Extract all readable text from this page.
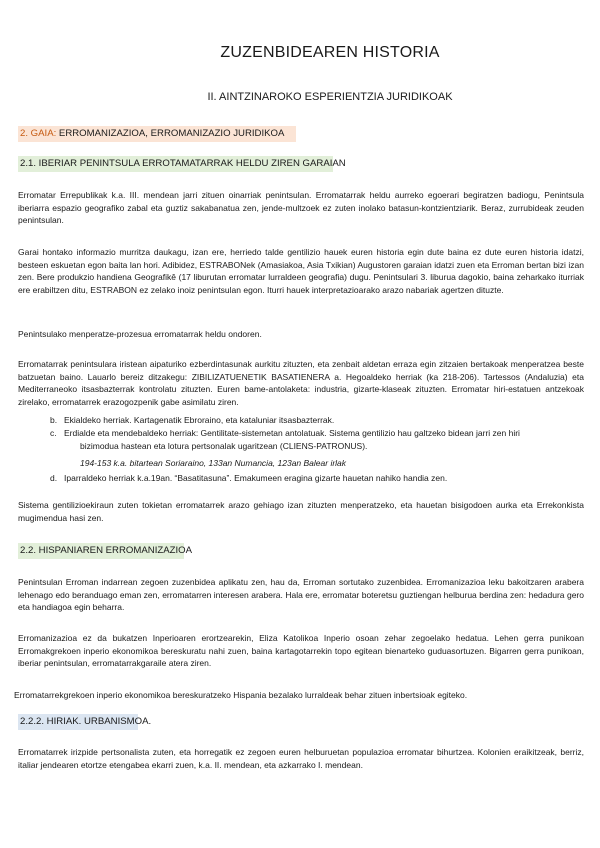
ZUZENBIDEAREN HISTORIA
II. AINTZINAROKO ESPERIENTZIA JURIDIKOAK
2. GAIA: ERROMANIZAZIOA, ERROMANIZAZIO JURIDIKOA
2.1. IBERIAR PENINTSULA ERROTAMATARRAK HELDU ZIREN GARAIAN

Erromatar Errepublikak k.a. III. mendean jarri zituen oinarriak penintsulan. Erromatarrak heldu aurreko egoerari begiratzen badiogu, Penintsula iberiarra espazio geografiko zabal eta guztiz sakabanatua zen, jende-multzoek ez zuten inolako batasun-kontzientziarik. Beraz, zurrubideak zeuden penintsulan.

Garai hontako informazio murritza daukagu, izan ere, herriedo talde gentilizio hauek euren historia egin dute baina ez dute euren historia idatzi, besteen eskuetan egon baita lan hori. Adibidez, ESTRABONek (Amasiakoa, Asia Txikian) Augustoren garaian idatzi zuen eta Erroman bertan bizi izan zen. Bere produkzio handiena Geografikê (17 liburutan erromatar lurraldeen geografia) dugu. Penintsulari 3. liburua dagokio, baina zeharkako iturriak ere erabiltzen ditu, ESTRABON ez zelako inoiz penintsulan egon. Iturri hauek interpretazioarako arazo nabariak agertzen dituzte.

Penintsulako menperatze-prozesua erromatarrak heldu ondoren.

Erromatarrak penintsulara iristean aipaturiko ezberdintasunak aurkitu zituzten, eta zenbait aldetan erraza egin zitzaien bertakoak menperatzea beste batzuetan baino. Lauarlo bereiz ditzakegu: ZIBILIZATUENETIK BASATIENERA a. Hegoaldeko herriak (ka 218-206). Tartessos (Andaluzia) eta Mediterraneoko itsasbazterrak kontrolatu zituzten. Euren bame-antolaketa: industria, gizarte-klaseak zituzten. Erromatar hiri-estatuen antzekoak zirelako, erromatarrek erazogozpenik gabe asimilatu ziren.

b. Ekialdeko herriak. Kartagenatik Ebroraino, eta kataluniar itsasbazterrak.

c. Erdialde eta mendebaldeko herriak: Gentilitate-sistemetan antolatuak. Sistema gentilizio hau galtzeko bidean jarri zen hiri

bizimodua hastean eta lotura pertsonalak ugaritzean (CLIENS-PATRONUS).

194-153 k.a. bitartean Soriaraino, 133an Numancia, 123an Balear irlak

d. Iparraldeko herriak k.a.19an. “Basatitasuna”. Emakumeen eragina gizarte hauetan nahiko handia zen.

Sistema gentilizioekiraun zuten tokietan erromatarrek arazo gehiago izan zituzten menperatzeko, eta hauetan bisigodoen aurka eta Errekonkista mugimendua hasi zen.

2.2. HISPANIAREN ERROMANIZAZIOA

Penintsulan Erroman indarrean zegoen zuzenbidea aplikatu zen, hau da, Erroman sortutako zuzenbidea. Erromanizazioa leku bakoitzaren arabera lehenago edo beranduago eman zen, erromatarren interesen arabera. Hala ere, erromatar boteretsu guztiengan helburua berdina zen: hedadura gero eta handiagoa egin beharra.

Erromanizazioa ez da bukatzen Inperioaren erortzearekin, Eliza Katolikoa Inperio osoan zehar zegoelako hedatua. Lehen gerra punikoan Erromakgrekoen inperio ekonomikoa bereskuratu nahi zuen, baina kartagotarrekin topo egitean bienarteko guduasortuzen. Bigarren gerra punikoan, iberiar penintsulan, erromatarrakgaraile atera ziren.

Erromatarrekgrekoen inperio ekonomikoa bereskuratzeko Hispania bezalako lurraldeak behar zituen inbertsioak egiteko.

2.2.2. HIRIAK. URBANISMOA.

Erromatarrek irizpide pertsonalista zuten, eta horregatik ez zegoen euren helburuetan populazioa erromatar bihurtzea. Kolonien eraikitzeak, berriz, italiar jendearen etortze etengabea ekarri zuen, k.a. II. mendean, eta azkarrako I. mendean.
